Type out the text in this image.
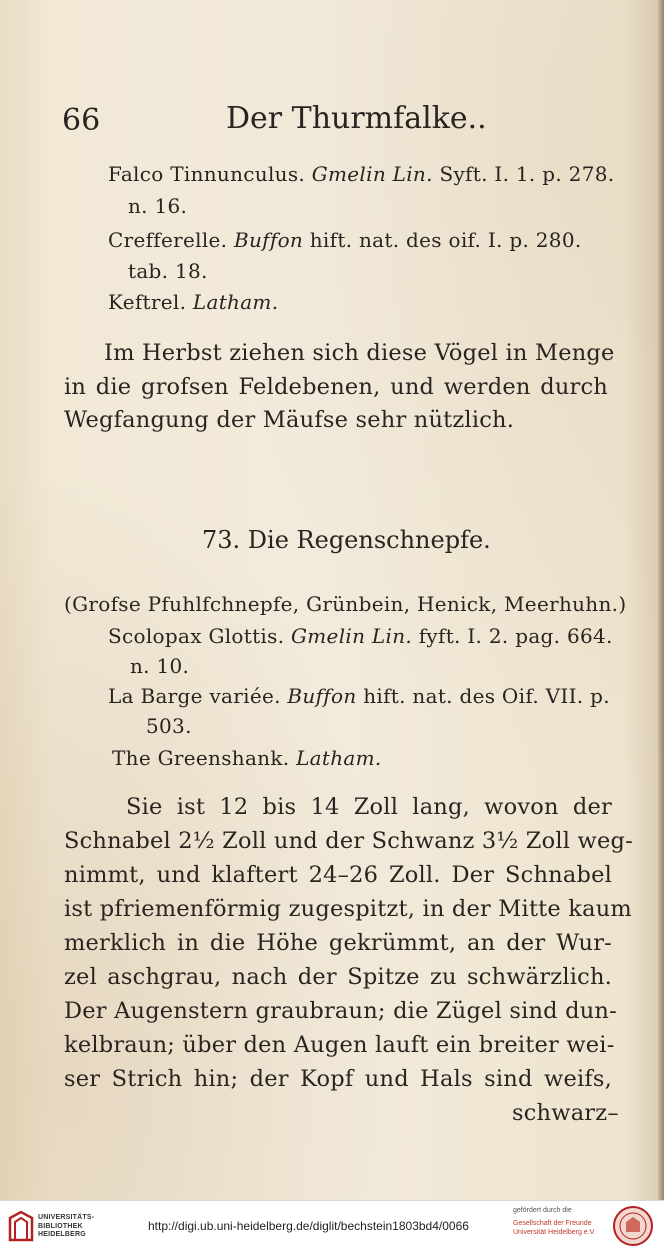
66	Der Thurmfalke..
Falco Tinnunculus. Gmelin Lin. Syft. I. 1. p. 278.
n. 16.
Crefferelle. Buffon hift. nat. des oif. I. p. 280.
tab. 18.
Keftrel. Latham.
Im Herbst ziehen sich diese Vögel in Menge
in die grofsen Feldebenen, und werden durch
Wegfangung der Mäufse sehr nützlich.
73. Die Regenschnepfe.
(Grofse Pfuhlfchnepfe, Grünbein, Henick, Meerhuhn.)
Scolopax Glottis. Gmelin Lin. fyft. I. 2. pag. 664.
n. 10.
La Barge variée. Buffon hift. nat. des Oif. VII. p.
503.
The Greenshank. Latham.
Sie ist 12 bis 14 Zoll lang, wovon der
Schnabel 2½ Zoll und der Schwanz 3½ Zoll weg-
nimmt, und klaftert 24–26 Zoll. Der Schnabel
ist pfriemenförmig zugespitzt, in der Mitte kaum
merklich in die Höhe gekrümmt, an der Wur-
zel aschgrau, nach der Spitze zu schwärzlich.
Der Augenstern graubraun; die Zügel sind dun-
kelbraun; über den Augen lauft ein breiter wei-
ser Strich hin; der Kopf und Hals sind weifs,
schwarz–
UNIVERSITÄTS-
BIBLIOTHEK
HEIDELBERG
http://digi.ub.uni-heidelberg.de/diglit/bechstein1803bd4/0066
gefördert durch die
Gesellschaft der Freunde
Universität Heidelberg e.V.
